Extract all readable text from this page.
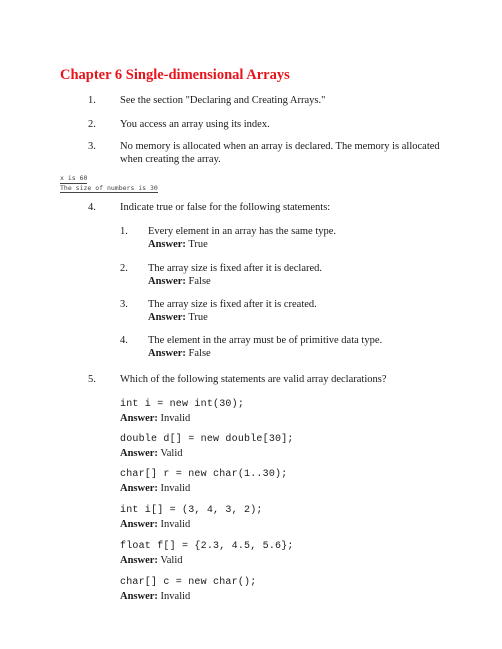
Chapter 6 Single-dimensional Arrays
1.	See the section "Declaring and Creating Arrays."
2.	You access an array using its index.
3.	No memory is allocated when an array is declared. The memory is allocated when creating the array.
x is 60
The size of numbers is 30
4.	Indicate true or false for the following statements:
1.	Every element in an array has the same type.
Answer: True
2.	The array size is fixed after it is declared.
Answer: False
3.	The array size is fixed after it is created.
Answer: True
4.	The element in the array must be of primitive data type.
Answer: False
5.	Which of the following statements are valid array declarations?
int i = new int(30);
Answer: Invalid
double d[] = new double[30];
Answer: Valid
char[] r = new char(1..30);
Answer: Invalid
int i[] = (3, 4, 3, 2);
Answer: Invalid
float f[] = {2.3, 4.5, 5.6};
Answer: Valid
char[] c = new char();
Answer: Invalid
